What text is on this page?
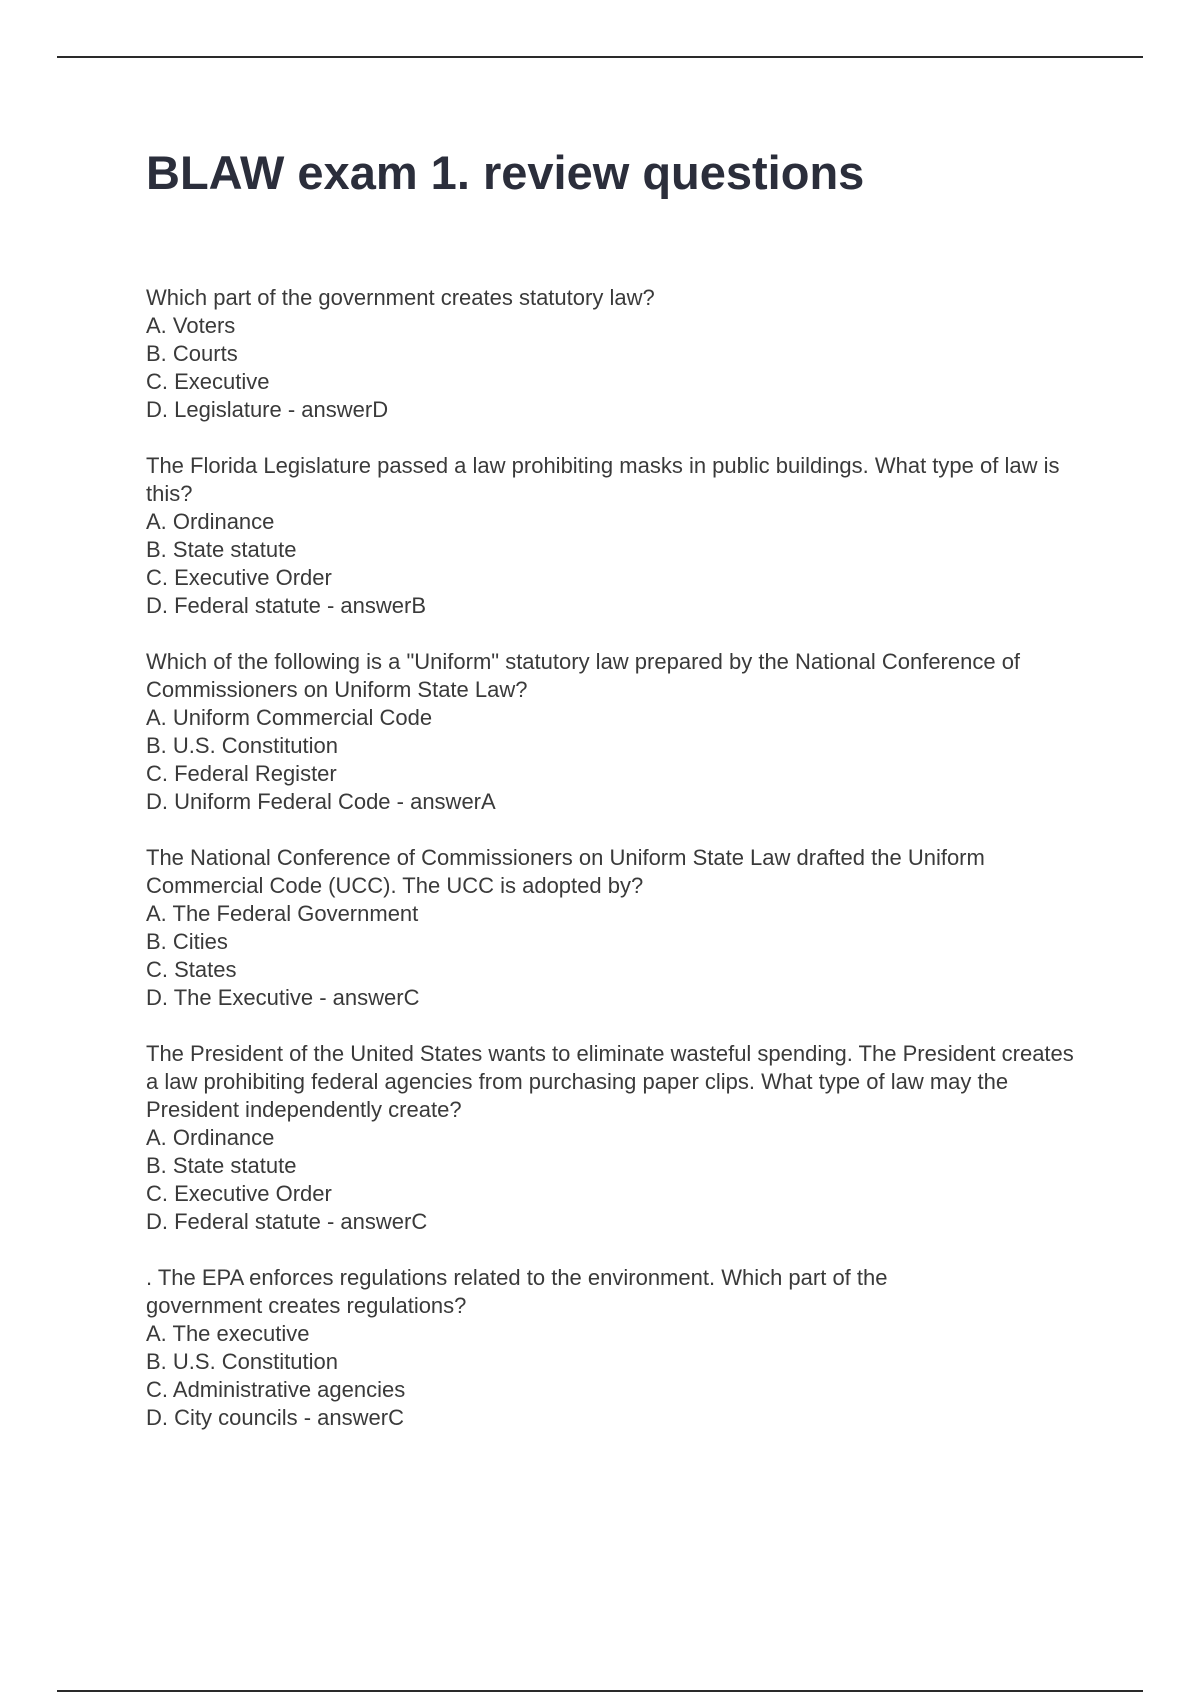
BLAW exam 1. review questions

Which part of the government creates statutory law?

A. Voters

B. Courts

C. Executive

D. Legislature - answerD

The Florida Legislature passed a law prohibiting masks in public buildings. What type of law is this?

A. Ordinance

B. State statute

C. Executive Order

D. Federal statute - answerB

Which of the following is a "Uniform" statutory law prepared by the National Conference of Commissioners on Uniform State Law?

A. Uniform Commercial Code

B. U.S. Constitution

C. Federal Register

D. Uniform Federal Code - answerA

The National Conference of Commissioners on Uniform State Law drafted the Uniform Commercial Code (UCC). The UCC is adopted by?

A. The Federal Government

B. Cities

C. States

D. The Executive - answerC

The President of the United States wants to eliminate wasteful spending. The President creates a law prohibiting federal agencies from purchasing paper clips. What type of law may the President independently create?

A. Ordinance

B. State statute

C. Executive Order

D. Federal statute - answerC

. The EPA enforces regulations related to the environment. Which part of the government creates regulations?

A. The executive

B. U.S. Constitution

C. Administrative agencies

D. City councils - answerC
